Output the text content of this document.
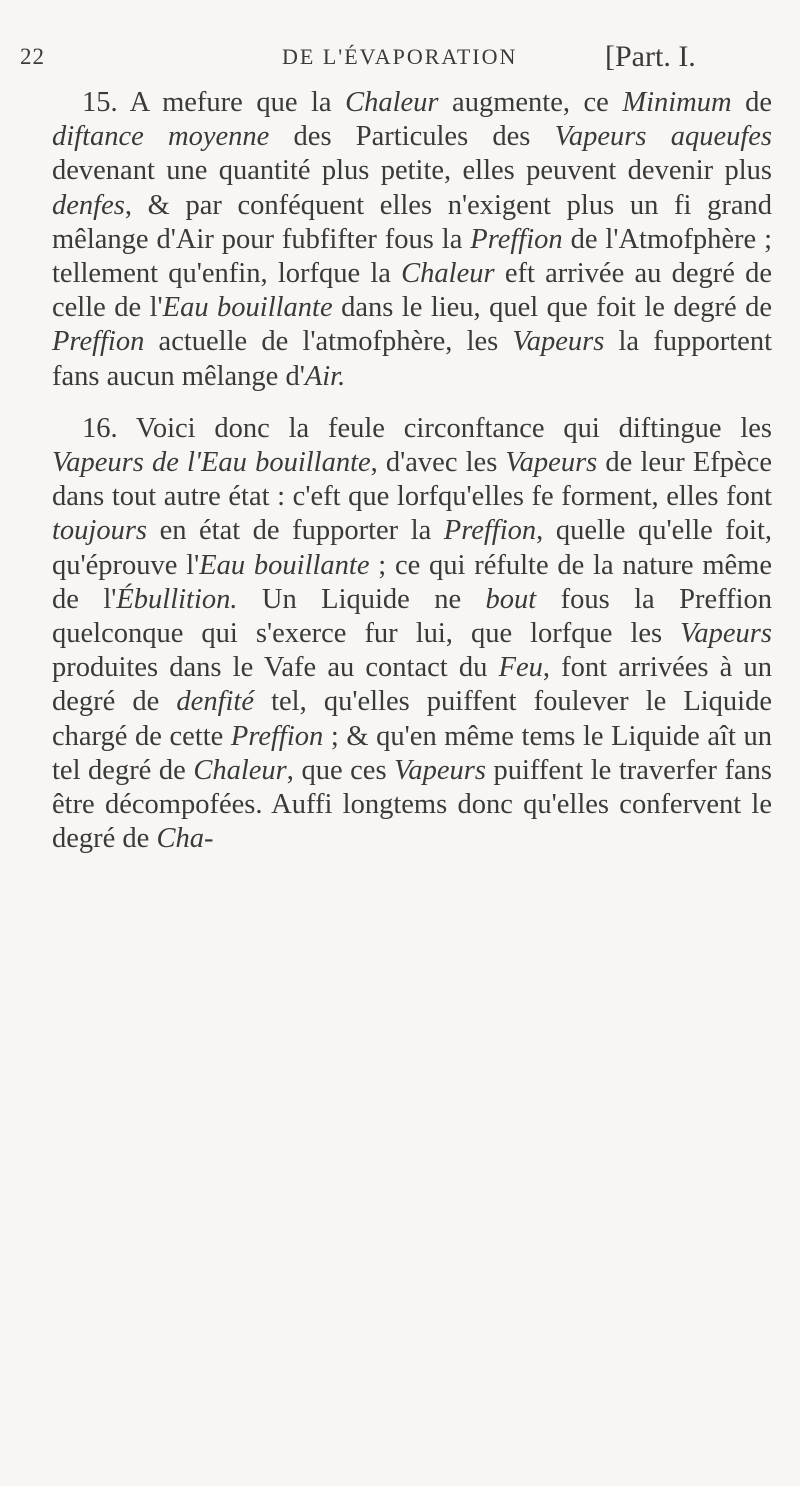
22	DE L'ÉVAPORATION	[Part. I.

15. A mefure que la Chaleur augmente, ce Minimum de diftance moyenne des Particules des Vapeurs aqueufes devenant une quantité plus petite, elles peuvent devenir plus denfes, & par conféquent elles n'exigent plus un fi grand mêlange d'Air pour fubfifter fous la Preffion de l'Atmofphère ; tellement qu'enfin, lorfque la Chaleur eft arrivée au degré de celle de l'Eau bouillante dans le lieu, quel que foit le degré de Preffion actuelle de l'atmofphère, les Vapeurs la fupportent fans aucun mêlange d'Air.

16. Voici donc la feule circonftance qui diftingue les Vapeurs de l'Eau bouillante, d'avec les Vapeurs de leur Efpèce dans tout autre état : c'eft que lorfqu'elles fe forment, elles font toujours en état de fupporter la Preffion, quelle qu'elle foit, qu'éprouve l'Eau bouillante ; ce qui réfulte de la nature même de l'Ébullition. Un Liquide ne bout fous la Preffion quelconque qui s'exerce fur lui, que lorfque les Vapeurs produites dans le Vafe au contact du Feu, font arrivées à un degré de denfité tel, qu'elles puiffent foulever le Liquide chargé de cette Preffion ; & qu'en même tems le Liquide aît un tel degré de Chaleur, que ces Vapeurs puiffent le traverfer fans être décompofées. Auffi longtems donc qu'elles confervent le degré de Cha-
